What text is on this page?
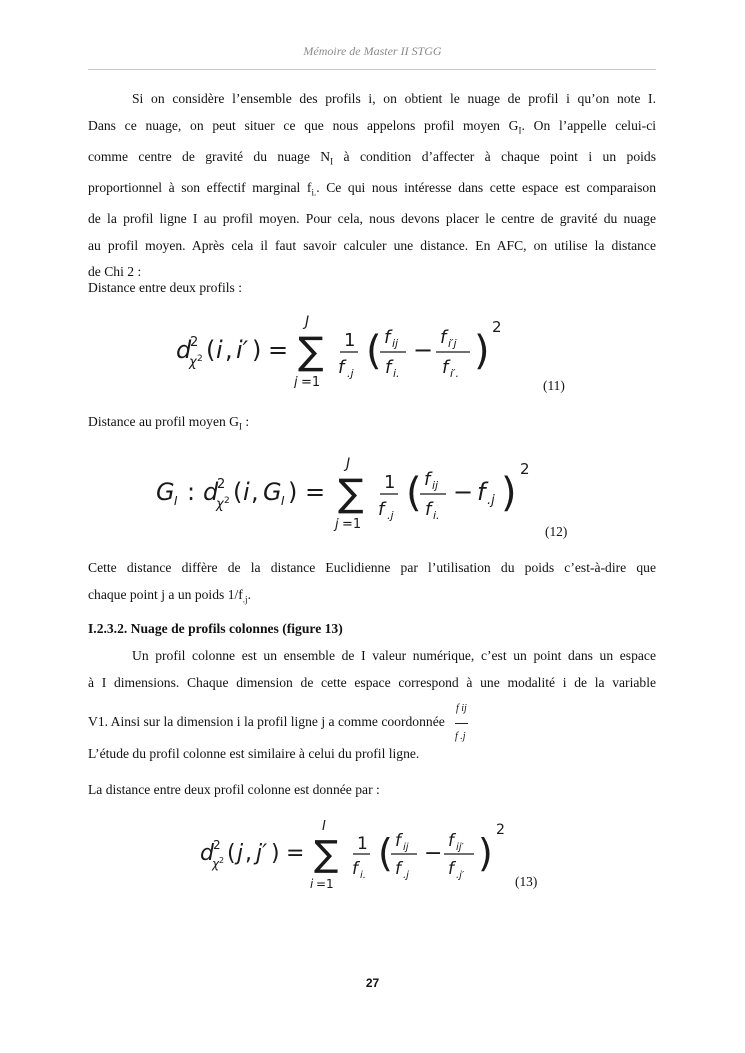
Mémoire de Master II STGG
Si on considère l’ensemble des profils i, on obtient le nuage de profil i qu’on note I.
Dans ce nuage, on peut situer ce que nous appelons profil moyen $G_I$. On l’appelle celui-ci
comme centre de gravité du nuage $N_I$ à condition d’affecter à chaque point i un poids
proportionnel à son effectif marginal $f_{i.}$. Ce qui nous intéresse dans cette espace est comparaison
de la profil ligne I au profil moyen. Pour cela, nous devons placer le centre de gravité du nuage
au profil moyen. Après cela il faut savoir calculer une distance. En AFC, on utilise la distance
de Chi 2 :
Distance entre deux profils :
d
2
χ 2 ( i , i′ ) = ∑
J
j =1
1
f .j ( f ij
f i.
− f i′j
f i′. )
2
(11)
Distance au profil moyen $G_I$ :
G I : d
2
χ 2 ( i , G I ) = ∑
J
j =1
1
f .j ( f ij
f i.
− f .j )
2
(12)
Cette distance diffère de la distance Euclidienne par l’utilisation du poids c’est-à-dire que
chaque point j a un poids $1/f_{.j}$.
I.2.3.2. Nuage de profils colonnes (figure 13)
Un profil colonne est un ensemble de I valeur numérique, c’est un point dans un espace
à I dimensions. Chaque dimension de cette espace correspond à une modalité i de la variable
V1. Ainsi sur la dimension i la profil ligne j a comme coordonnée $\frac{\text{f ij}}{f .j}$
L’étude du profil colonne est similaire à celui du profil ligne.
La distance entre deux profil colonne est donnée par :
d 2
χ 2 ( j , j′ ) = ∑
I
i =1
1
f i.
( f ij
f .j
− f ij′
f .j′
)
2
(13)
27
